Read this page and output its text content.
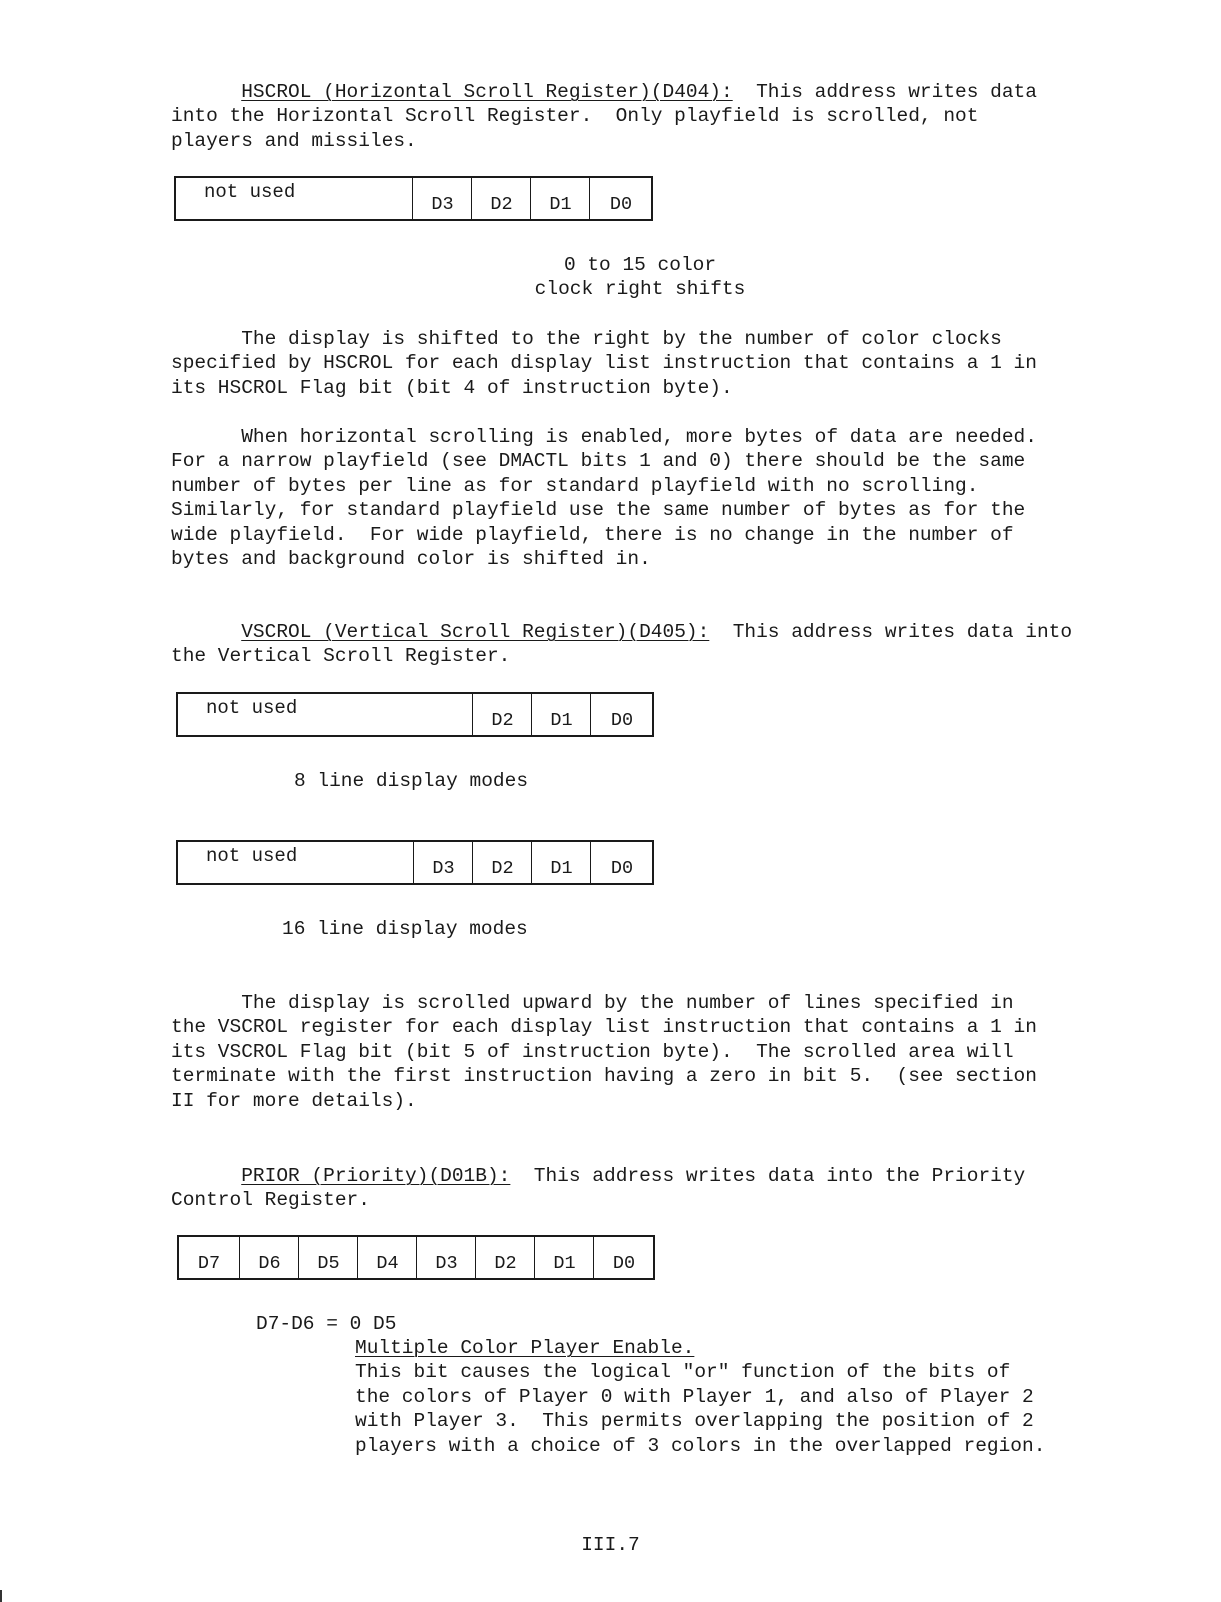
HSCROL (Horizontal Scroll Register)(D404):  This address writes data
into the Horizontal Scroll Register.  Only playfield is scrolled, not
players and missiles.
not used
D3	D2	D1	D0
0 to 15 color
clock right shifts
The display is shifted to the right by the number of color clocks
specified by HSCROL for each display list instruction that contains a 1 in
its HSCROL Flag bit (bit 4 of instruction byte).
When horizontal scrolling is enabled, more bytes of data are needed.
For a narrow playfield (see DMACTL bits 1 and 0) there should be the same
number of bytes per line as for standard playfield with no scrolling.
Similarly, for standard playfield use the same number of bytes as for the
wide playfield.  For wide playfield, there is no change in the number of
bytes and background color is shifted in.
VSCROL (Vertical Scroll Register)(D405):  This address writes data into
the Vertical Scroll Register.
not used
D2	D1	D0
8 line display modes
not used
D3	D2	D1	D0
16 line display modes
The display is scrolled upward by the number of lines specified in
the VSCROL register for each display list instruction that contains a 1 in
its VSCROL Flag bit (bit 5 of instruction byte).  The scrolled area will
terminate with the first instruction having a zero in bit 5.  (see section
II for more details).
PRIOR (Priority)(D01B):  This address writes data into the Priority
Control Register.
D7	D6	D5	D4	D3	D2	D1	D0
D7-D6 = 0 D5
Multiple Color Player Enable.
This bit causes the logical "or" function of the bits of
the colors of Player 0 with Player 1, and also of Player 2
with Player 3.  This permits overlapping the position of 2
players with a choice of 3 colors in the overlapped region.
III.7
